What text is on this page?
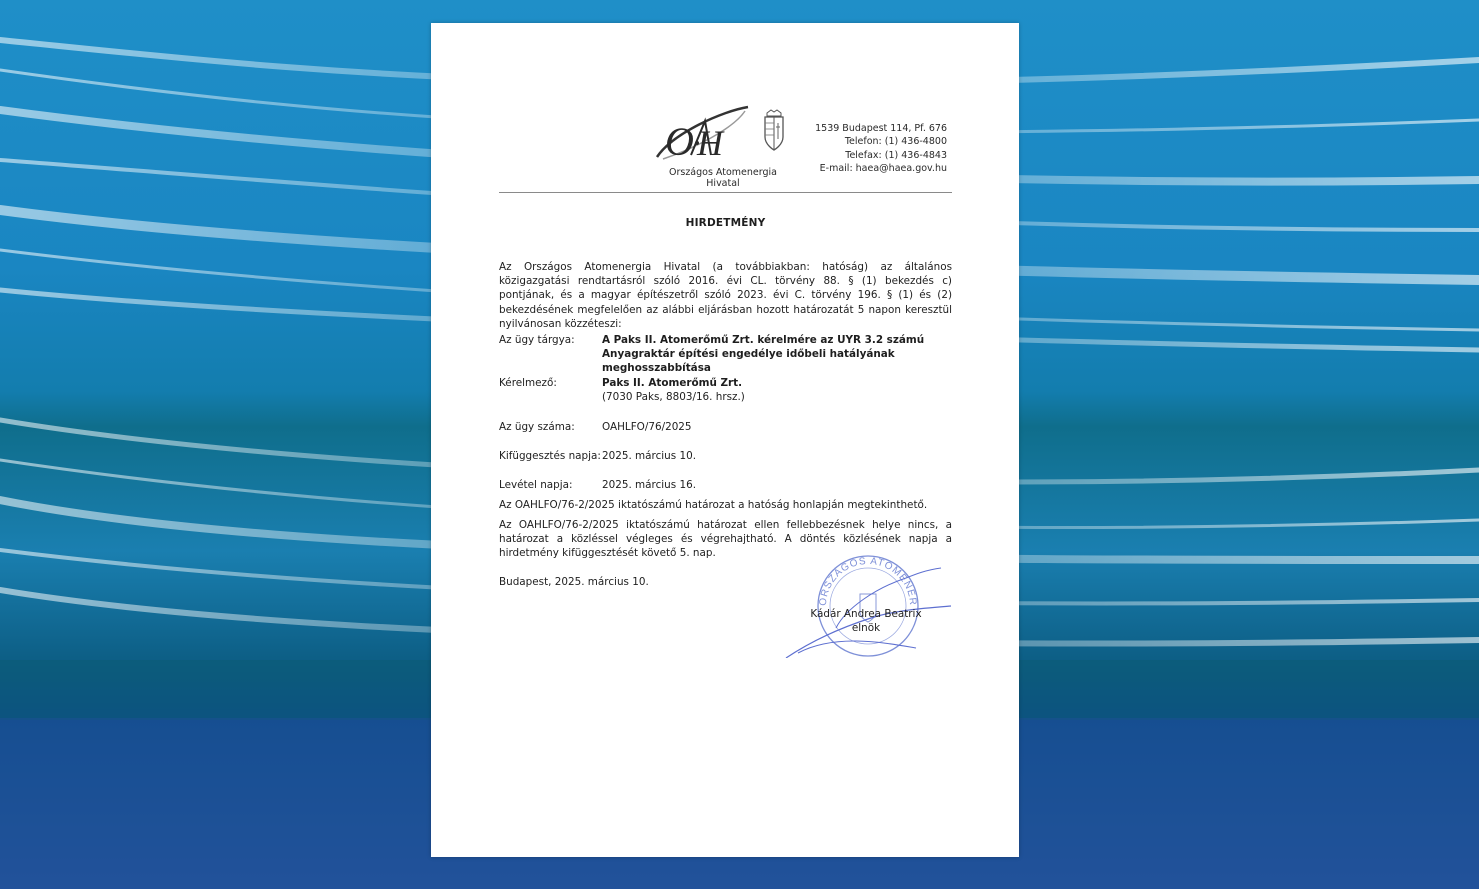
O H
Országos Atomenergia Hivatal
1539 Budapest 114, Pf. 676
Telefon: (1) 436-4800
Telefax: (1) 436-4843
E-mail: haea@haea.gov.hu
HIRDETMÉNY
Az Országos Atomenergia Hivatal (a továbbiakban: hatóság) az általános közigazgatási rendtartásról szóló 2016. évi CL. törvény 88. § (1) bekezdés c) pontjának, és a magyar építészetről szóló 2023. évi C. törvény 196. § (1) és (2) bekezdésének megfelelően az alábbi eljárásban hozott határozatát 5 napon keresztül nyilvánosan közzéteszi:
Az ügy tárgya:	A Paks II. Atomerőmű Zrt. kérelmére az UYR 3.2 számú Anyagraktár építési engedélye időbeli hatályának meghosszabbítása
Kérelmező:	Paks II. Atomerőmű Zrt.
(7030 Paks, 8803/16. hrsz.)
Az ügy száma:	OAHLFO/76/2025
Kifüggesztés napja: 2025. március 10.
Levétel napja:	2025. március 16.
Az OAHLFO/76-2/2025 iktatószámú határozat a hatóság honlapján megtekinthető.
Az OAHLFO/76-2/2025 iktatószámú határozat ellen fellebbezésnek helye nincs, a határozat a közléssel végleges és végrehajtható. A döntés közlésének napja a hirdetmény kifüggesztését követő 5. nap.
Budapest, 2025. március 10.
ORSZÁGOS ATOMENER
Kádár Andrea Beatrix
elnök
